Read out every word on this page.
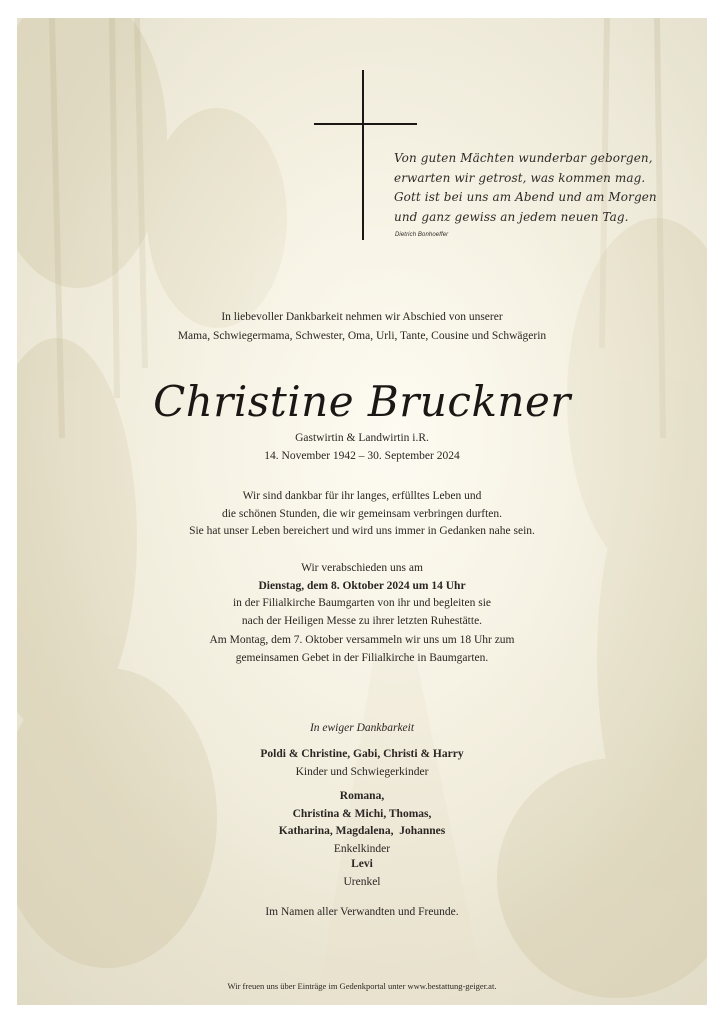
Von guten Mächten wunderbar geborgen,
erwarten wir getrost, was kommen mag.
Gott ist bei uns am Abend und am Morgen
und ganz gewiss an jedem neuen Tag.
Dietrich Bonhoeffer
In liebevoller Dankbarkeit nehmen wir Abschied von unserer
Mama, Schwiegermama, Schwester, Oma, Urli, Tante, Cousine und Schwägerin
Christine Bruckner
Gastwirtin & Landwirtin i.R.
14. November 1942 – 30. September 2024
Wir sind dankbar für ihr langes, erfülltes Leben und
die schönen Stunden, die wir gemeinsam verbringen durften.
Sie hat unser Leben bereichert und wird uns immer in Gedanken nahe sein.
Wir verabschieden uns am
Dienstag, dem 8. Oktober 2024 um 14 Uhr
in der Filialkirche Baumgarten von ihr und begleiten sie
nach der Heiligen Messe zu ihrer letzten Ruhestätte.
Am Montag, dem 7. Oktober versammeln wir uns um 18 Uhr zum
gemeinsamen Gebet in der Filialkirche in Baumgarten.
In ewiger Dankbarkeit
Poldi & Christine, Gabi, Christi & Harry
Kinder und Schwiegerkinder
Romana,
Christina & Michi, Thomas,
Katharina, Magdalena,  Johannes
Enkelkinder
Levi
Urenkel
Im Namen aller Verwandten und Freunde.
Wir freuen uns über Einträge im Gedenkportal unter www.bestattung-geiger.at.
